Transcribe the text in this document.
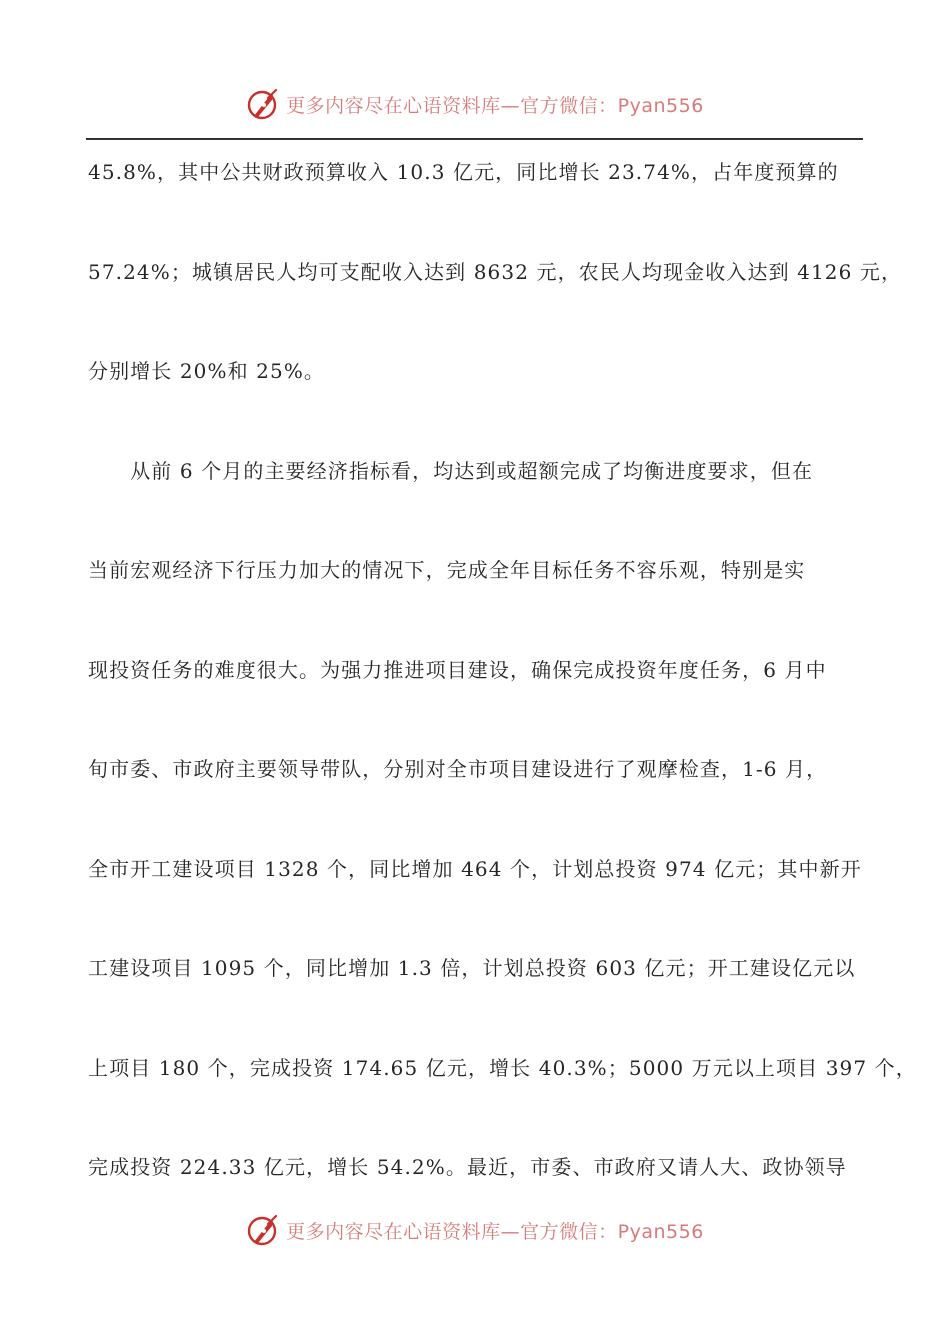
更多内容尽在心语资料库—官方微信：Pyan556
45.8%，其中公共财政预算收入 10.3 亿元，同比增长 23.74%，占年度预算的
57.24%；城镇居民人均可支配收入达到 8632 元，农民人均现金收入达到 4126 元，
分别增长 20%和 25%。
　　从前 6 个月的主要经济指标看，均达到或超额完成了均衡进度要求，但在
当前宏观经济下行压力加大的情况下，完成全年目标任务不容乐观，特别是实
现投资任务的难度很大。为强力推进项目建设，确保完成投资年度任务，6 月中
旬市委、市政府主要领导带队，分别对全市项目建设进行了观摩检查，1-6 月，
全市开工建设项目 1328 个，同比增加 464 个，计划总投资 974 亿元；其中新开
工建设项目 1095 个，同比增加 1.3 倍，计划总投资 603 亿元；开工建设亿元以
上项目 180 个，完成投资 174.65 亿元，增长 40.3%；5000 万元以上项目 397 个，
完成投资 224.33 亿元，增长 54.2%。最近，市委、市政府又请人大、政协领导
更多内容尽在心语资料库—官方微信：Pyan556
